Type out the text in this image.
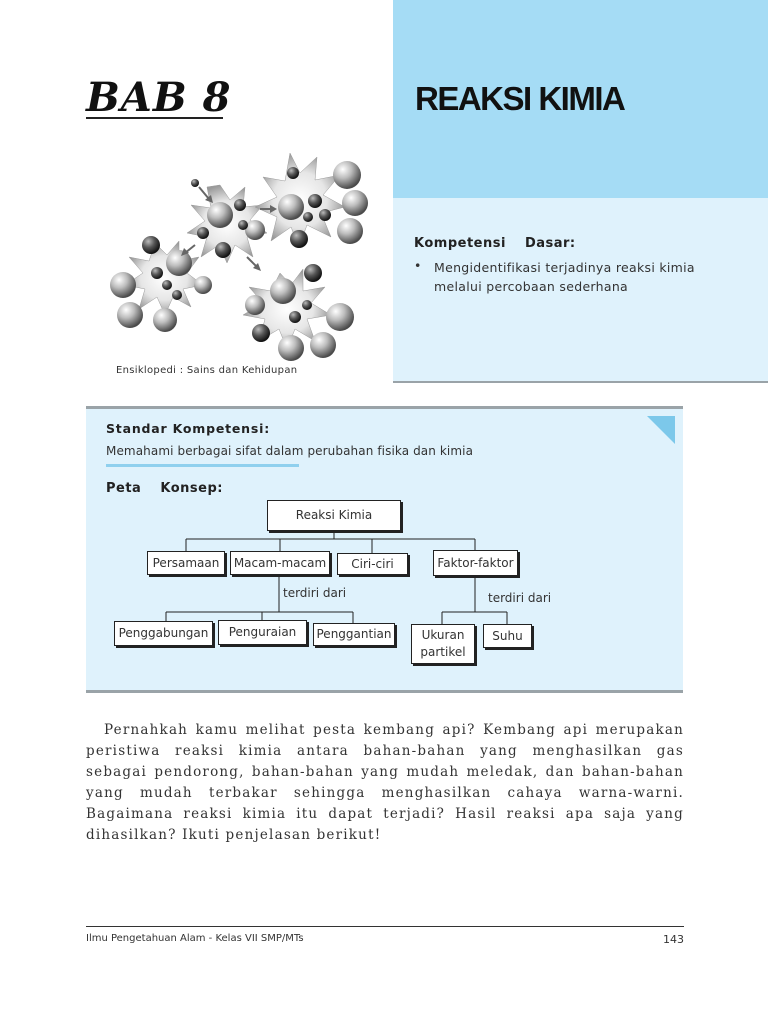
BAB 8	REAKSI KIMIA
Kompetensi Dasar:
• Mengidentifikasi terjadinya reaksi kimia melalui percobaan sederhana
Ensiklopedi : Sains dan Kehidupan
Standar Kompetensi:
Memahami berbagai sifat dalam perubahan fisika dan kimia
Peta Konsep:
Reaksi Kimia
Persamaan	Macam-macam	Ciri-ciri	Faktor-faktor
terdiri dari	terdiri dari
Penggabungan	Penguraian	Penggantian	Ukuran partikel
Suhu
Pernahkah kamu melihat pesta kembang api? Kembang api merupakan peristiwa reaksi kimia antara bahan-bahan yang menghasilkan gas sebagai pendorong, bahan-bahan yang mudah meledak, dan bahan-bahan yang mudah terbakar sehingga menghasilkan cahaya warna-warni. Bagaimana reaksi kimia itu dapat terjadi? Hasil reaksi apa saja yang dihasilkan? Ikuti penjelasan berikut!
Ilmu Pengetahuan Alam - Kelas VII SMP/MTs	143
